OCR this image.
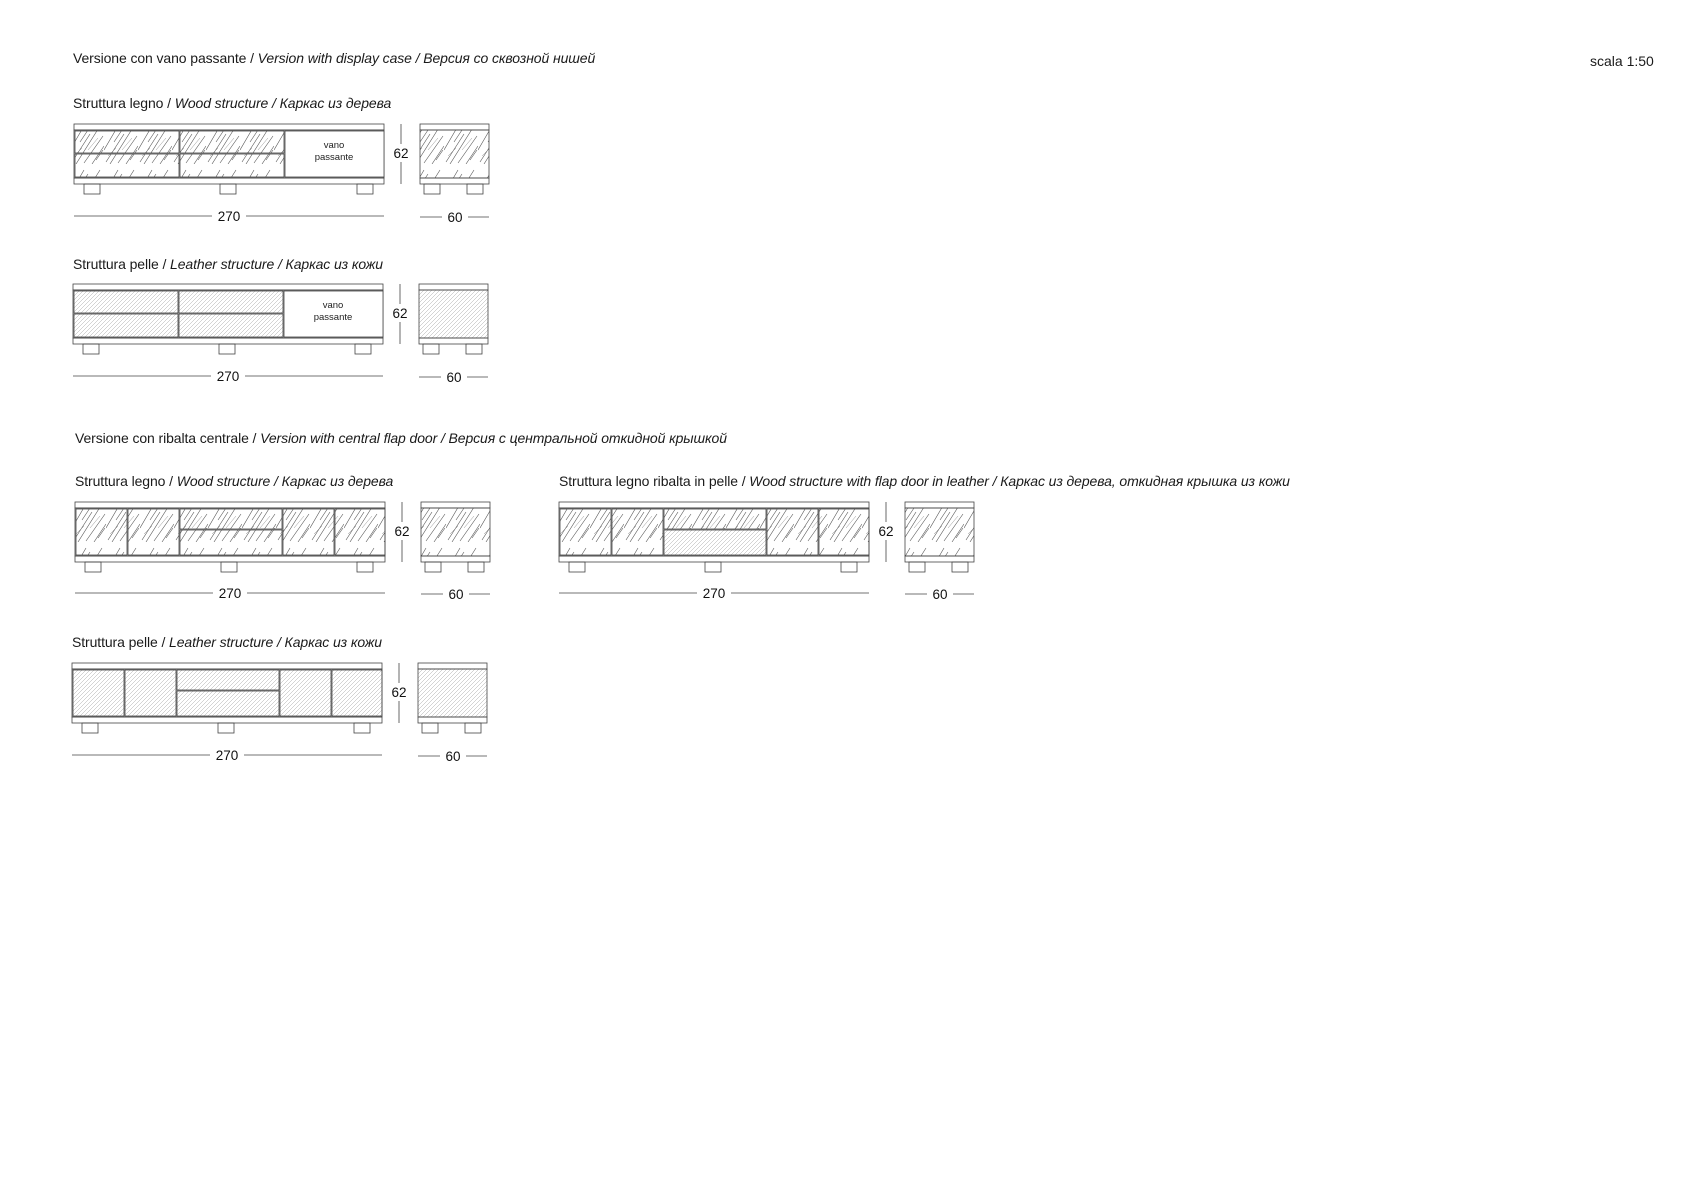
scala 1:50
Versione con vano passante / Version with display case / Версия со сквозной нишей
Struttura legno / Wood structure / Каркас из дерева
Struttura pelle / Leather structure / Каркас из кожи
Versione con ribalta centrale / Version with central flap door / Версия с центральной откидной крышкой
Struttura legno / Wood structure / Каркас из дерева	Struttura legno ribalta in pelle / Wood structure with flap door in leather / Каркас из дерева, откидная крышка из кожи
Struttura pelle / Leather structure / Каркас из кожи
vano
passante	62
270	60
vano
passante	62
270	60
62
270	60
62
270	60
62
270	60
